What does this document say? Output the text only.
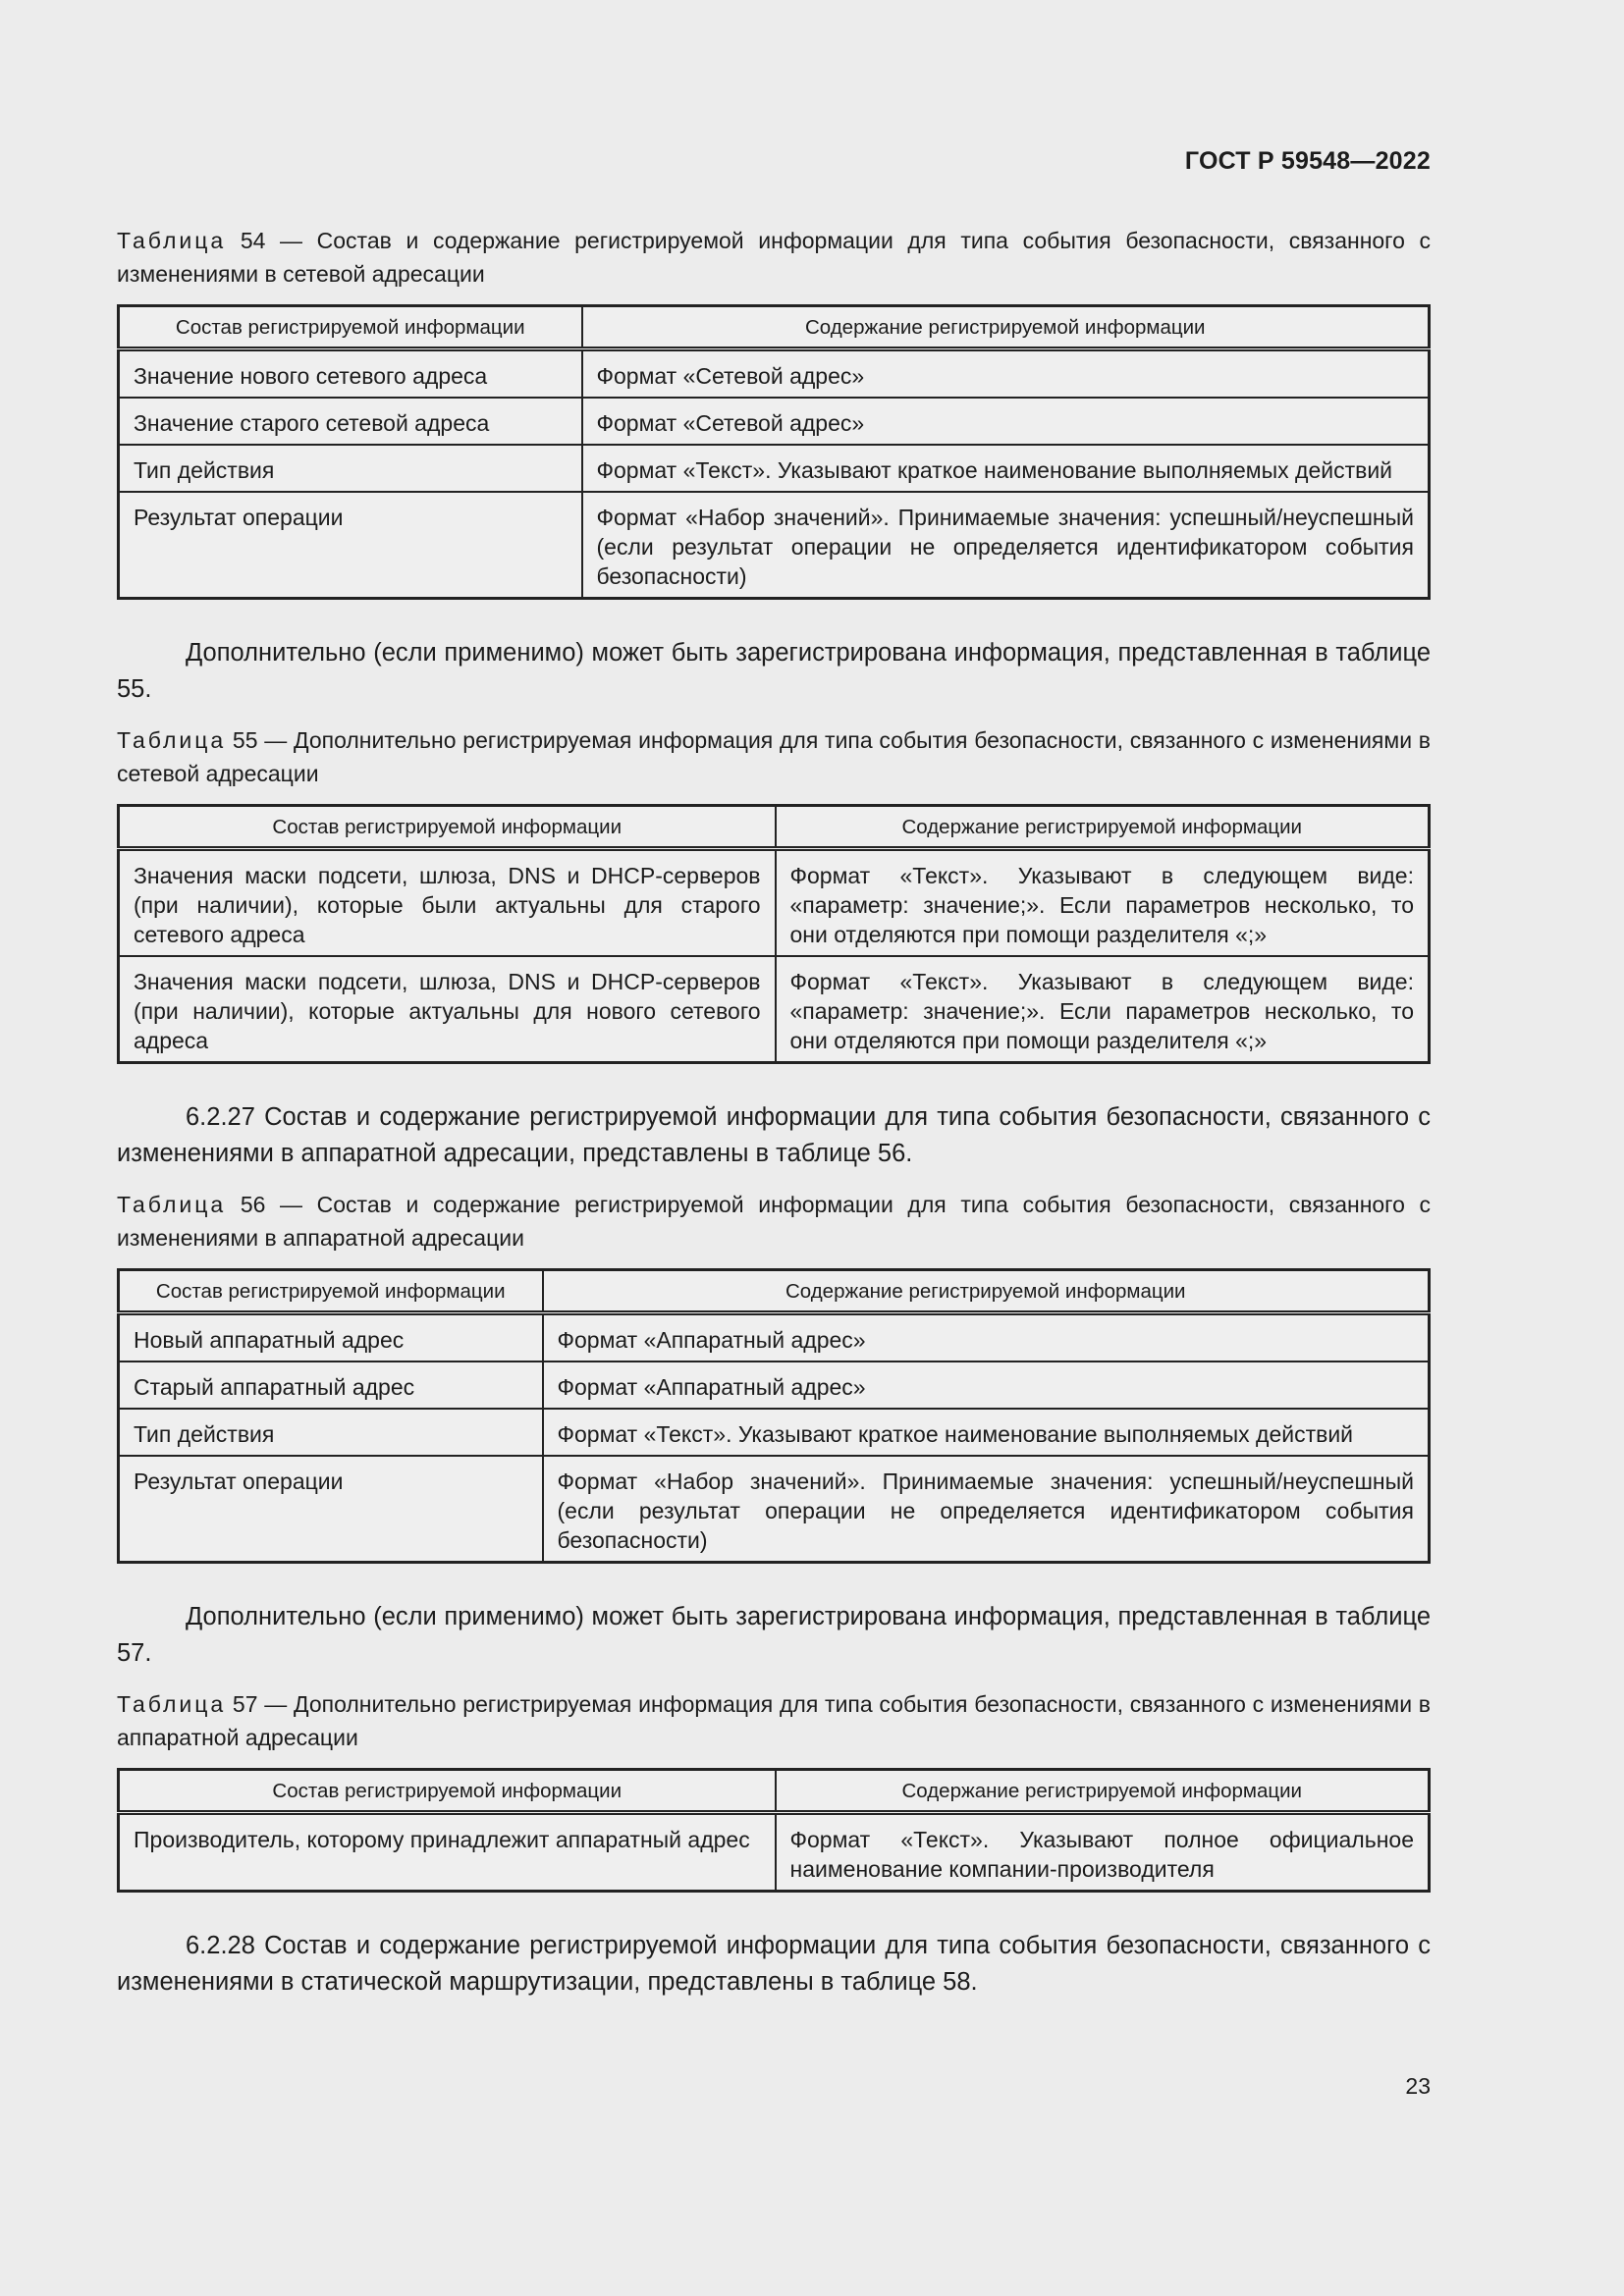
ГОСТ Р 59548—2022

Таблица 54 — Состав и содержание регистрируемой информации для типа события безопасности, связанного с изменениями в сетевой адресации

Состав регистрируемой информации	Содержание регистрируемой информации
Значение нового сетевого адреса	Формат «Сетевой адрес»
Значение старого сетевой адреса	Формат «Сетевой адрес»
Тип действия	Формат «Текст». Указывают краткое наименование выполняемых действий
Результат операции	Формат «Набор значений». Принимаемые значения: успешный/неуспешный (если результат операции не определяется идентификатором события безопасности)

Дополнительно (если применимо) может быть зарегистрирована информация, представленная в таблице 55.

Таблица 55 — Дополнительно регистрируемая информация для типа события безопасности, связанного с изменениями в сетевой адресации

Состав регистрируемой информации	Содержание регистрируемой информации
Значения маски подсети, шлюза, DNS и DHCP-серверов (при наличии), которые были актуальны для старого сетевого адреса	Формат «Текст». Указывают в следующем виде: «параметр: значение;». Если параметров несколько, то они отделяются при помощи разделителя «;»
Значения маски подсети, шлюза, DNS и DHCP-серверов (при наличии), которые актуальны для нового сетевого адреса	Формат «Текст». Указывают в следующем виде: «параметр: значение;». Если параметров несколько, то они отделяются при помощи разделителя «;»

6.2.27 Состав и содержание регистрируемой информации для типа события безопасности, связанного с изменениями в аппаратной адресации, представлены в таблице 56.

Таблица 56 — Состав и содержание регистрируемой информации для типа события безопасности, связанного с изменениями в аппаратной адресации

Состав регистрируемой информации	Содержание регистрируемой информации
Новый аппаратный адрес	Формат «Аппаратный адрес»
Старый аппаратный адрес	Формат «Аппаратный адрес»
Тип действия	Формат «Текст». Указывают краткое наименование выполняемых действий
Результат операции	Формат «Набор значений». Принимаемые значения: успешный/неуспешный (если результат операции не определяется идентификатором события безопасности)

Дополнительно (если применимо) может быть зарегистрирована информация, представленная в таблице 57.

Таблица 57 — Дополнительно регистрируемая информация для типа события безопасности, связанного с изменениями в аппаратной адресации

Состав регистрируемой информации	Содержание регистрируемой информации
Производитель, которому принадлежит аппаратный адрес	Формат «Текст». Указывают полное официальное наименование компании-производителя

6.2.28 Состав и содержание регистрируемой информации для типа события безопасности, связанного с изменениями в статической маршрутизации, представлены в таблице 58.

23
